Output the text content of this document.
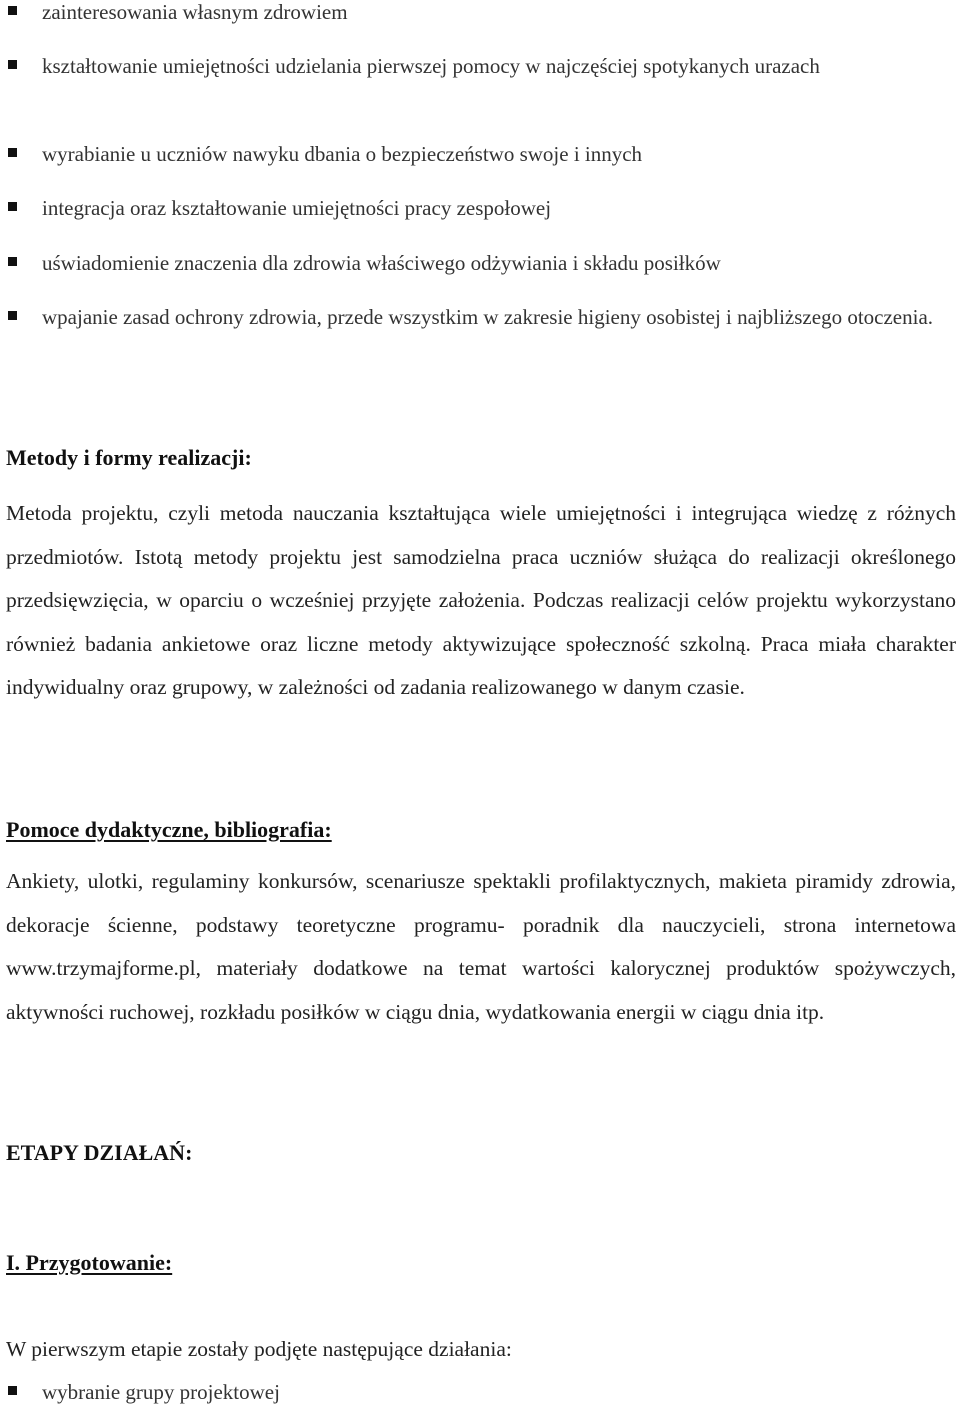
zainteresowania własnym zdrowiem
kształtowanie umiejętności udzielania pierwszej pomocy w najczęściej spotykanych urazach
wyrabianie u uczniów nawyku dbania o bezpieczeństwo swoje i innych
integracja oraz kształtowanie umiejętności pracy zespołowej
uświadomienie znaczenia dla zdrowia właściwego odżywiania i składu posiłków
wpajanie zasad ochrony zdrowia, przede wszystkim w zakresie higieny osobistej i najbliższego otoczenia.
Metody i formy realizacji:
Metoda projektu, czyli metoda nauczania kształtująca wiele umiejętności i integrująca wiedzę z różnych przedmiotów. Istotą metody projektu jest samodzielna praca uczniów służąca do realizacji określonego przedsięwzięcia, w oparciu o wcześniej przyjęte założenia. Podczas realizacji celów projektu wykorzystano również badania ankietowe oraz liczne metody aktywizujące społeczność szkolną. Praca miała charakter indywidualny oraz grupowy, w zależności od zadania realizowanego w danym czasie.
Pomoce dydaktyczne, bibliografia:
Ankiety, ulotki, regulaminy konkursów, scenariusze spektakli profilaktycznych, makieta piramidy zdrowia, dekoracje ścienne, podstawy teoretyczne programu- poradnik dla nauczycieli, strona internetowa www.trzymajforme.pl, materiały dodatkowe na temat wartości kalorycznej produktów spożywczych, aktywności ruchowej, rozkładu posiłków w ciągu dnia, wydatkowania energii w ciągu dnia itp.
ETAPY DZIAŁAŃ:
I. Przygotowanie:
W pierwszym etapie zostały podjęte następujące działania:
wybranie grupy projektowej
